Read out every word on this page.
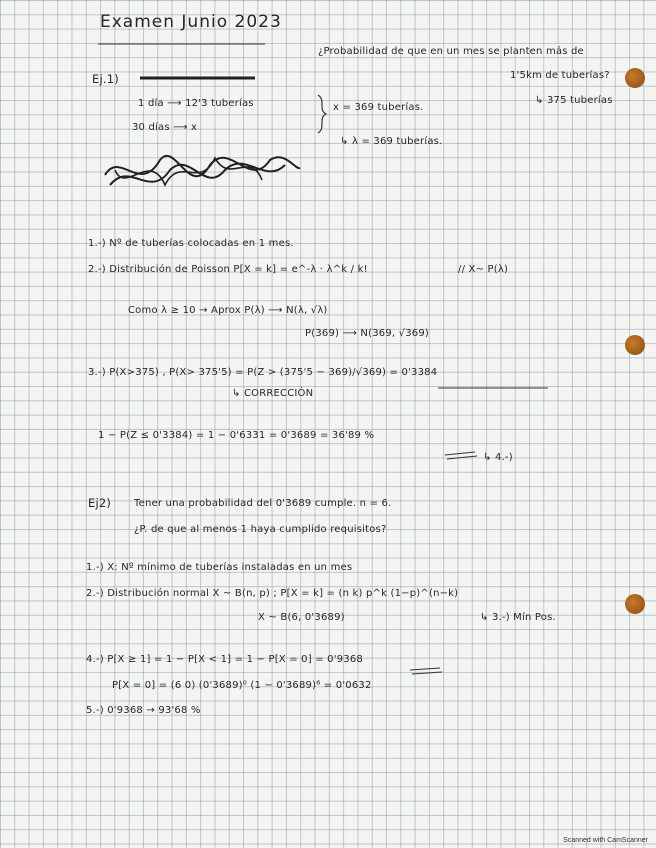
Examen Junio 2023
¿Probabilidad de que en un mes se planten más de
1'5km de tuberías?
↳ 375 tuberías
Ej.1)
1 día ⟶ 12'3 tuberías
30 días ⟶ x
x = 369 tuberías.
↳ λ = 369 tuberías.
1.-) Nº de tuberías colocadas en 1 mes.
2.-) Distribución de Poisson P[X = k] = e^-λ · λ^k / k!	// X~ P(λ)
Como λ ≥ 10 → Aprox P(λ) ⟶ N(λ, √λ)
P(369) ⟶ N(369, √369)
3.-) P(X>375) , P(X> 375'5) = P(Z > (375'5 − 369)/√369) = 0'3384
↳ CORRECCIÓN
1 − P(Z ≤ 0'3384) = 1 − 0'6331 = 0'3689 = 36'89 %
↳ 4.-)
Ej2) Tener una probabilidad del 0'3689 cumple. n = 6.
¿P. de que al menos 1 haya cumplido requisitos?
1.-) X: Nº mínimo de tuberías instaladas en un mes
2.-) Distribución normal X ~ B(n, p) ; P[X = k] = (n k) p^k (1−p)^(n−k)
X ~ B(6, 0'3689)	↳ 3.-) Mín Pos.
4.-) P[X ≥ 1] = 1 − P[X < 1] = 1 − P[X = 0] = 0'9368
P[X = 0] = (6 0) (0'3689)⁰ (1 − 0'3689)⁶ = 0'0632
5.-) 0'9368 → 93'68 %
Scanned with CamScanner
